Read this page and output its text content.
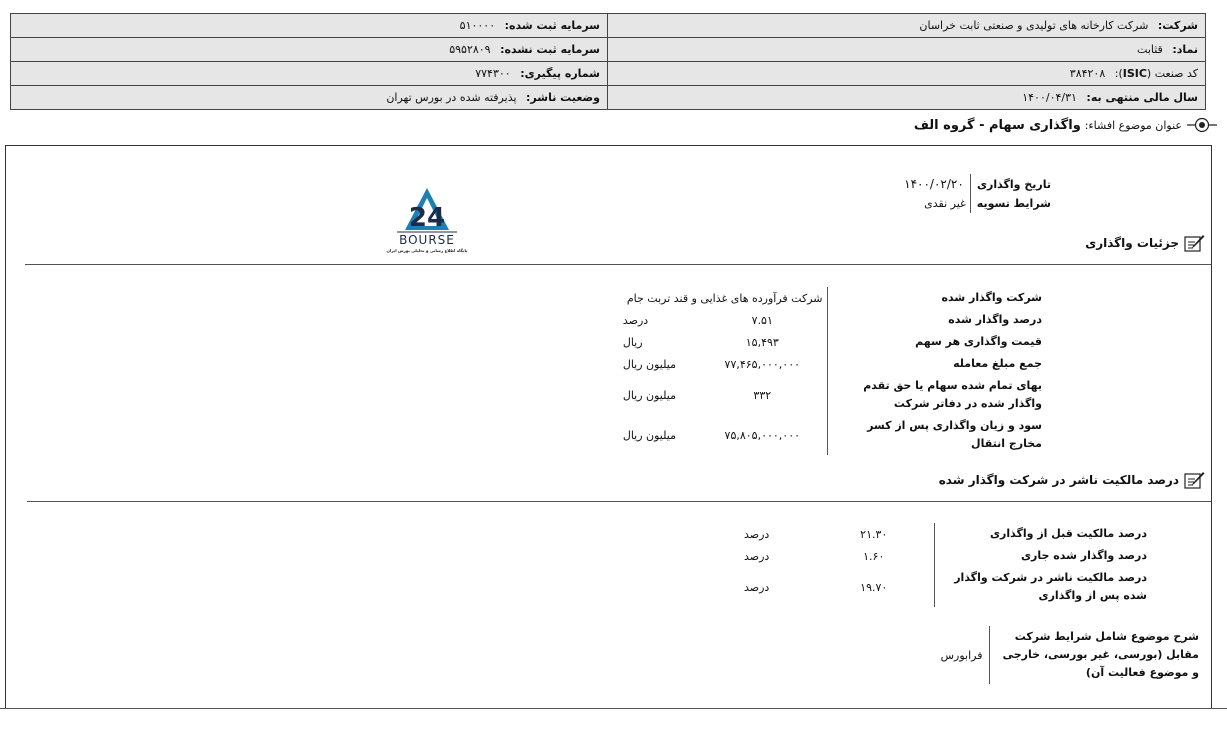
سرمایه ثبت شده: ۵۱۰۰۰۰	شرکت: شرکت کارخانه های تولیدی و صنعتی ثابت خراسان
سرمایه ثبت نشده: ۵۹۵۲۸۰۹	نماد: قثابت
شماره پیگیری: ۷۷۴۳۰۰	کد صنعت (ISIC): ۳۸۴۲۰۸
وضعیت ناشر: پذیرفته شده در بورس تهران	سال مالی منتهی به: ۱۴۰۰/۰۴/۳۱
عنوان موضوع افشاء:
واگذاری سهام - گروه الف
تاریخ واگذاری	۱۴۰۰/۰۲/۲۰
شرایط تسویه	غیر نقدی
24
BOURSE
پایگاه اطلاع رسانی و تحلیلی بورس ایران
جزئیات واگذاری
شرکت واگذار شده	شرکت فرآورده های غذایی و قند تربت جام	
درصد واگذار شده	۷.۵۱	درصد
قیمت واگذاری هر سهم	۱۵,۴۹۳	ریال
جمع مبلغ معامله	۷۷,۴۶۵,۰۰۰,۰۰۰	میلیون ریال
بهای تمام شده سهام یا حق تقدم واگذار شده در دفاتر شرکت	۳۳۲	میلیون ریال
سود و زیان واگذاری پس از کسر مخارج انتقال	۷۵,۸۰۵,۰۰۰,۰۰۰	میلیون ریال
درصد مالکیت ناشر در شرکت واگذار شده
درصد مالکیت قبل از واگذاری	۲۱.۳۰	درصد
درصد واگذار شده جاری	۱.۶۰	درصد
درصد مالکیت ناشر در شرکت واگذار شده پس از واگذاری	۱۹.۷۰	درصد
شرح موضوع شامل شرایط شرکت مقابل (بورسی، غیر بورسی، خارجی و موضوع فعالیت آن)	فرابورس
